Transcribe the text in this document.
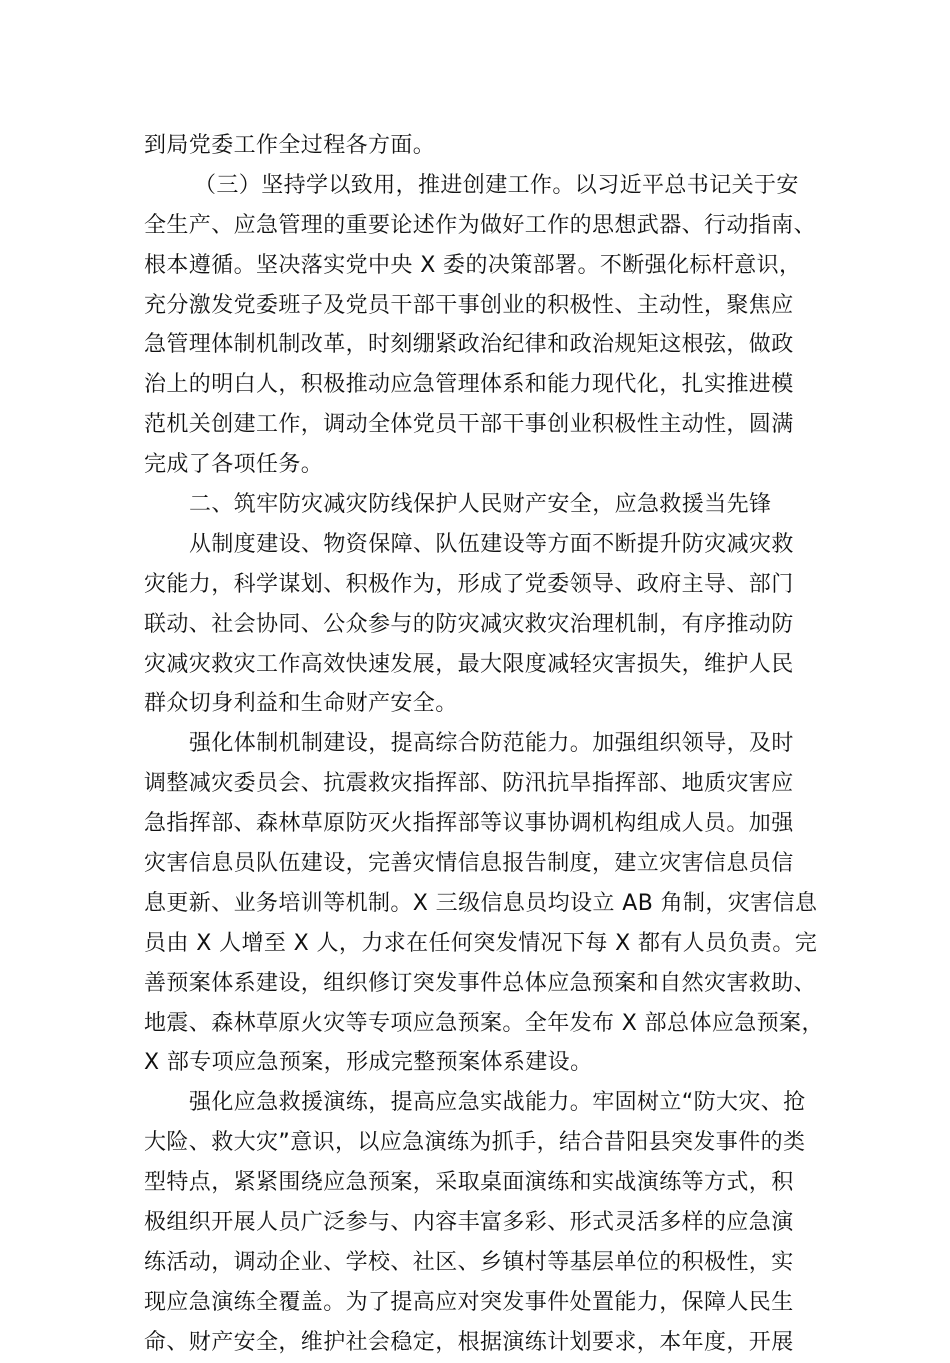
到局党委工作全过程各方面。
（三）坚持学以致用，推进创建工作。以习近平总书记关于安
全生产、应急管理的重要论述作为做好工作的思想武器、行动指南、
根本遵循。坚决落实党中央 X 委的决策部署。不断强化标杆意识，
充分激发党委班子及党员干部干事创业的积极性、主动性，聚焦应
急管理体制机制改革，时刻绷紧政治纪律和政治规矩这根弦，做政
治上的明白人，积极推动应急管理体系和能力现代化，扎实推进模
范机关创建工作，调动全体党员干部干事创业积极性主动性，圆满
完成了各项任务。
二、筑牢防灾减灾防线保护人民财产安全，应急救援当先锋
从制度建设、物资保障、队伍建设等方面不断提升防灾减灾救
灾能力，科学谋划、积极作为，形成了党委领导、政府主导、部门
联动、社会协同、公众参与的防灾减灾救灾治理机制，有序推动防
灾减灾救灾工作高效快速发展，最大限度减轻灾害损失，维护人民
群众切身利益和生命财产安全。
强化体制机制建设，提高综合防范能力。加强组织领导，及时
调整减灾委员会、抗震救灾指挥部、防汛抗旱指挥部、地质灾害应
急指挥部、森林草原防灭火指挥部等议事协调机构组成人员。加强
灾害信息员队伍建设，完善灾情信息报告制度，建立灾害信息员信
息更新、业务培训等机制。X 三级信息员均设立 AB 角制，灾害信息
员由 X 人增至 X 人，力求在任何突发情况下每 X 都有人员负责。完
善预案体系建设，组织修订突发事件总体应急预案和自然灾害救助、
地震、森林草原火灾等专项应急预案。全年发布 X 部总体应急预案，
X 部专项应急预案，形成完整预案体系建设。
强化应急救援演练，提高应急实战能力。牢固树立“防大灾、抢
大险、救大灾”意识，以应急演练为抓手，结合昔阳县突发事件的类
型特点，紧紧围绕应急预案，采取桌面演练和实战演练等方式，积
极组织开展人员广泛参与、内容丰富多彩、形式灵活多样的应急演
练活动，调动企业、学校、社区、乡镇村等基层单位的积极性，实
现应急演练全覆盖。为了提高应对突发事件处置能力，保障人民生
命、财产安全，维护社会稳定，根据演练计划要求，本年度，开展
